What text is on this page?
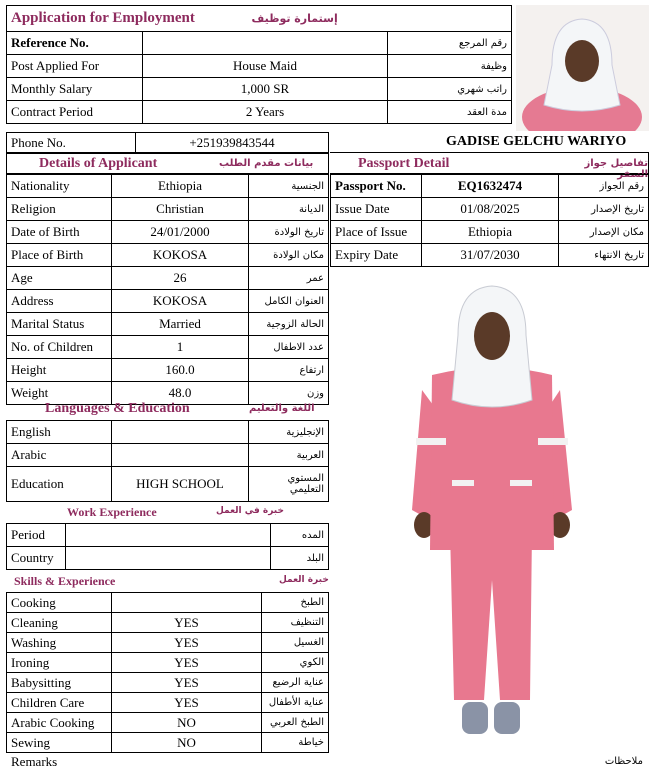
Application for Employment إستمارة توظيف		

Reference No.		رقم المرجع
Post Applied For	House Maid	وظيفة
Monthly Salary	1,000 SR	راتب شهري
Contract Period	2 Years	مدة العقد
Phone No.	+251939843544	GADISE GELCHU WARIYO
Details of Applicant	بيانات مقدم الطلب
Nationality	Ethiopia	الجنسية
Religion	Christian	الديانة
Date of Birth	24/01/2000	تاريخ الولادة
Place of Birth	KOKOSA	مكان الولادة
Age	26	عمر
Address	KOKOSA	العنوان الكامل
Marital Status	Married	الحالة الزوجية
No. of Children	1	عدد الاطفال
Height	160.0	ارتفاع
Weight	48.0	وزن
Languages & Education	اللغة والتعليم
English		الإنجليزية
Arabic		العربية
Education	HIGH SCHOOL	المستوي التعليمي
Work Experience	خبرة في العمل
Period		المده
Country		البلد
Skills & Experience	خبرة العمل
Cooking		الطبخ
Cleaning	YES	التنظيف
Washing	YES	الغسيل
Ironing	YES	الكوي
Babysitting	YES	عناية الرضيع
Children Care	YES	عناية الأطفال
Arabic Cooking	NO	الطبخ العربي
Sewing	NO	خياطة
Remarks	ملاحظات
Passport Detail	تفاصيل جواز السفر
Passport No.	EQ1632474	رقم الجواز
Issue Date	01/08/2025	تاريخ الإصدار
Place of Issue	Ethiopia	مكان الإصدار
Expiry Date	31/07/2030	تاريخ الانتهاء
